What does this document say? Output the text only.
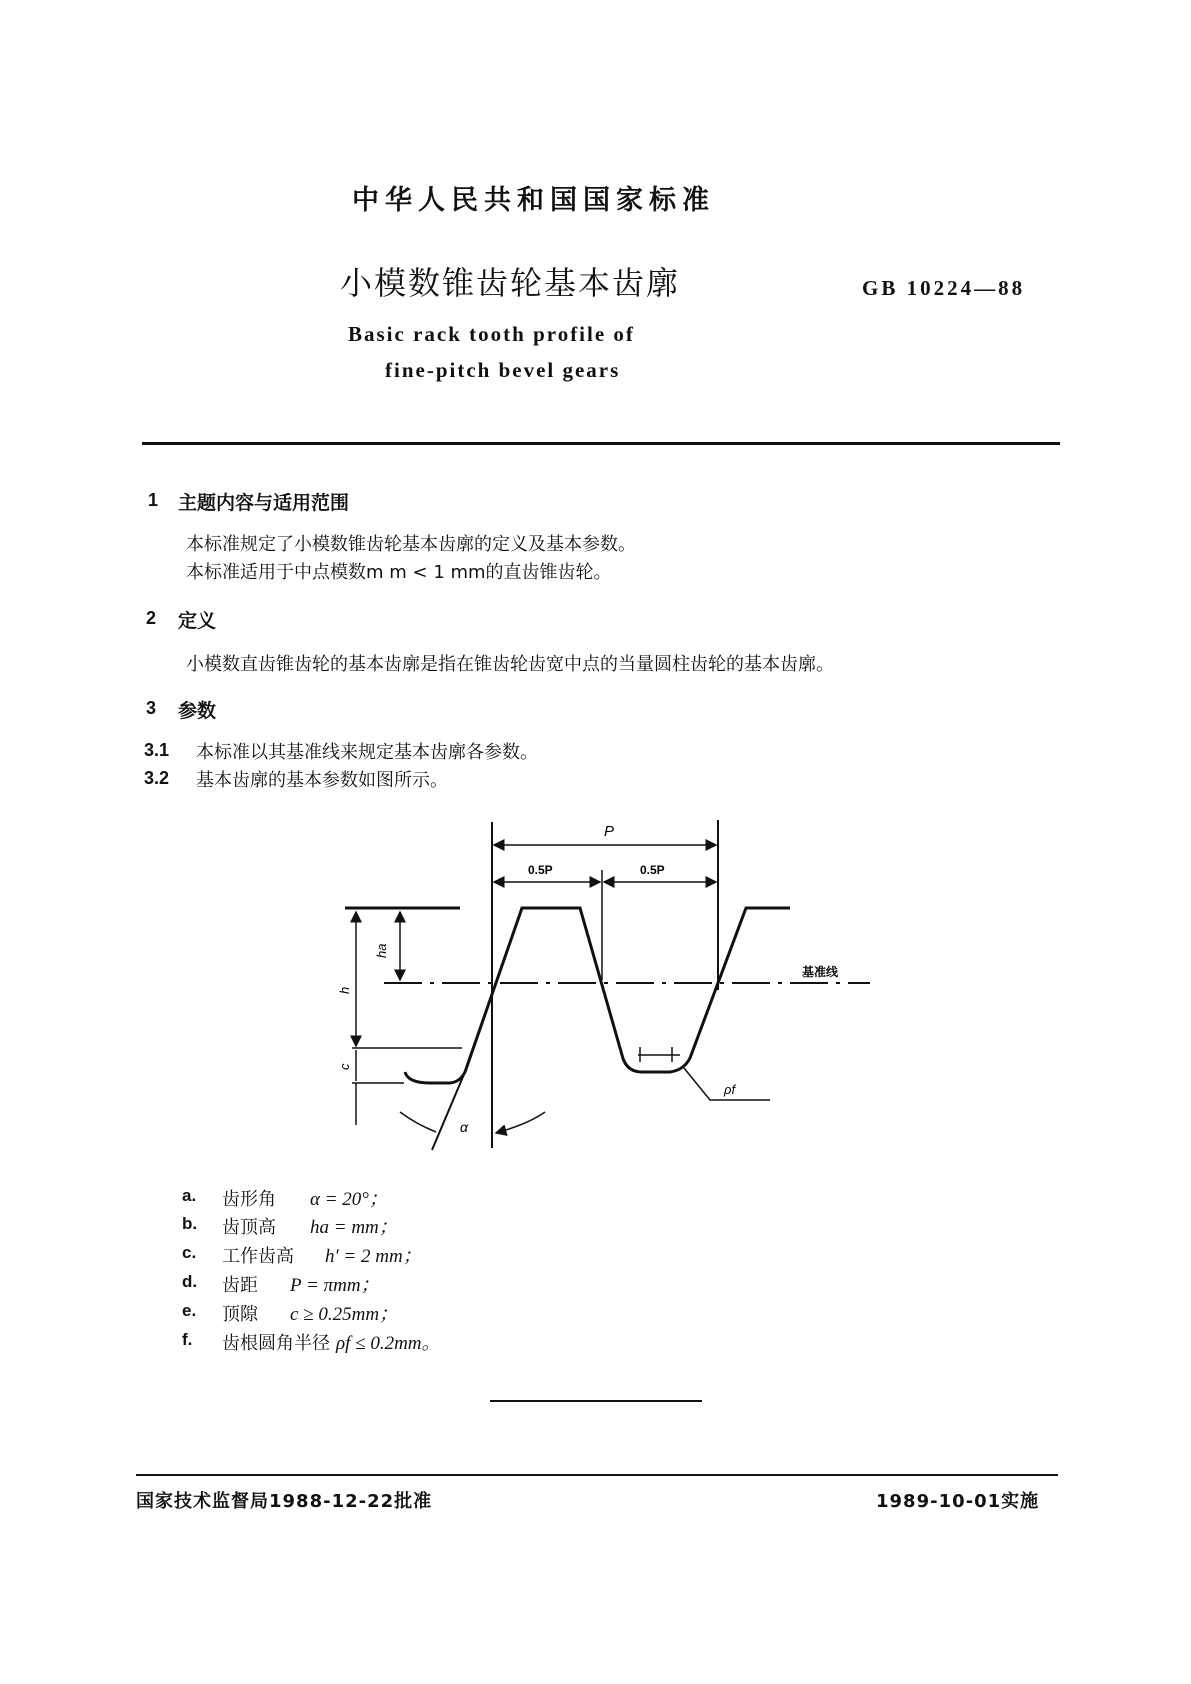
中华人民共和国国家标准
小模数锥齿轮基本齿廓	GB 10224—88
Basic rack tooth profile of
fine-pitch bevel gears
1 主题内容与适用范围
本标准规定了小模数锥齿轮基本齿廓的定义及基本参数。
本标准适用于中点模数m m < 1 mm的直齿锥齿轮。
2 定义
小模数直齿锥齿轮的基本齿廓是指在锥齿轮齿宽中点的当量圆柱齿轮的基本齿廓。
3 参数
3.1 本标准以其基准线来规定基本齿廓各参数。
3.2 基本齿廓的基本参数如图所示。
P
0.5P	0.5P
ha
h
c
基准线
ρf
α
a. 齿形角 α = 20°；
b. 齿顶高 ha = mm；
c. 工作齿高 h′ = 2 mm；
d. 齿距 P = πmm；
e. 顶隙 c ≥ 0.25mm；
f. 齿根圆角半径 ρf ≤ 0.2mm。
国家技术监督局1988-12-22批准	1989-10-01实施
